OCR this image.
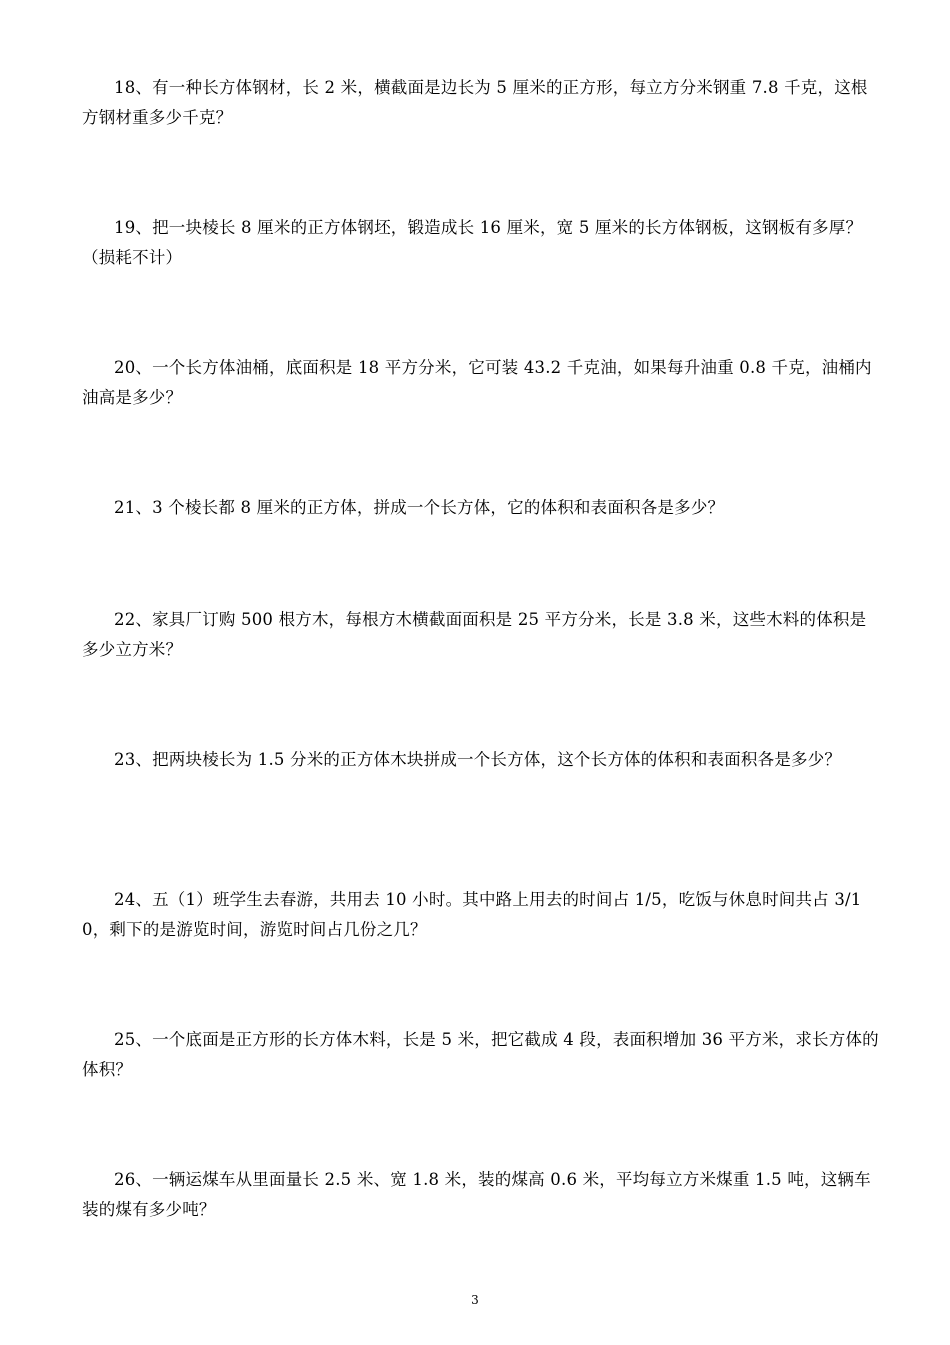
18、有一种长方体钢材，长 2 米，横截面是边长为 5 厘米的正方形，每立方分米钢重 7.8 千克，这根方钢材重多少千克？

19、把一块棱长 8 厘米的正方体钢坯，锻造成长 16 厘米，宽 5 厘米的长方体钢板，这钢板有多厚？（损耗不计）

20、一个长方体油桶，底面积是 18 平方分米，它可装 43.2 千克油，如果每升油重 0.8 千克，油桶内油高是多少？

21、3 个棱长都 8 厘米的正方体，拼成一个长方体，它的体积和表面积各是多少？

22、家具厂订购 500 根方木，每根方木横截面面积是 25 平方分米，长是 3.8 米，这些木料的体积是多少立方米？

23、把两块棱长为 1.5 分米的正方体木块拼成一个长方体，这个长方体的体积和表面积各是多少？

24、五（1）班学生去春游，共用去 10 小时。其中路上用去的时间占 1/5，吃饭与休息时间共占 3/10，剩下的是游览时间，游览时间占几份之几？

25、一个底面是正方形的长方体木料，长是 5 米，把它截成 4 段，表面积增加 36 平方米，求长方体的体积？

26、一辆运煤车从里面量长 2.5 米、宽 1.8 米，装的煤高 0.6 米，平均每立方米煤重 1.5 吨，这辆车装的煤有多少吨？

3
